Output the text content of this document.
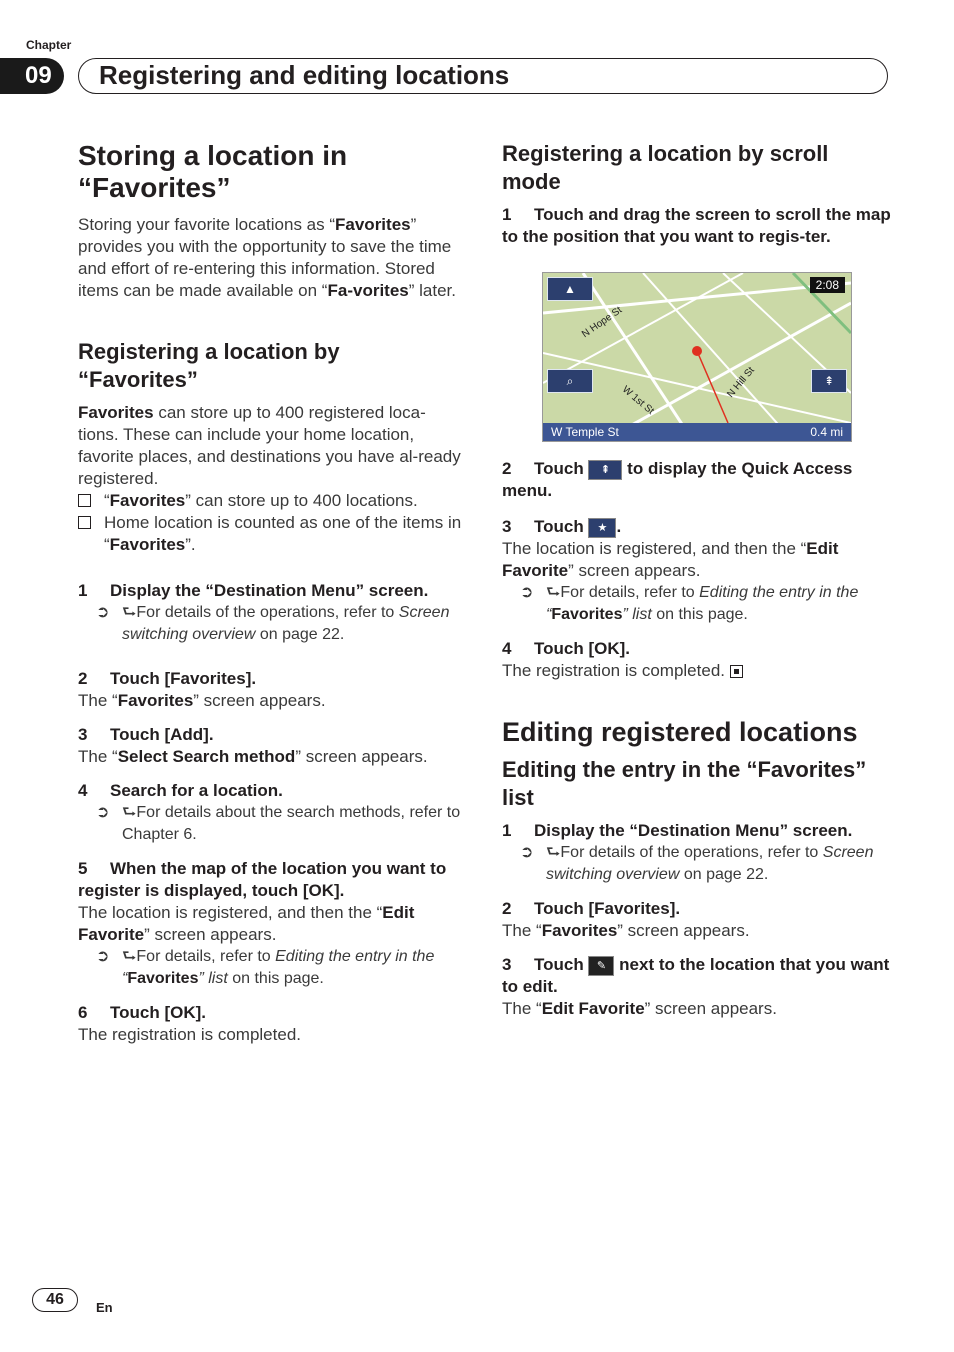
Chapter
09	Registering and editing locations
Storing a location in “Favorites”

Storing your favorite locations as “Favorites” provides you with the opportunity to save the time and effort of re-entering this information. Stored items can be made available on “Fa-vorites” later.

Registering a location by “Favorites”

Favorites can store up to 400 registered loca-tions. These can include your home location, favorite places, and destinations you have al-ready registered.

“Favorites” can store up to 400 locations.

Home location is counted as one of the items in “Favorites”.

1 Display the “Destination Menu” screen.

⮑ ➲ For details of the operations, refer to Screen switching overview on page 22.

2 Touch [Favorites].

The “Favorites” screen appears.

3 Touch [Add].

The “Select Search method” screen appears.

4 Search for a location.

⮑ ➲ For details about the search methods, refer to Chapter 6.

5 When the map of the location you want to register is displayed, touch [OK].

The location is registered, and then the “Edit Favorite” screen appears.

⮑ ➲ For details, refer to Editing the entry in the “Favorites” list on this page.

6 Touch [OK].

The registration is completed.

Registering a location by scroll mode
1 Touch and drag the screen to scroll the map to the position that you want to regis-ter.
▲
⌕	⇞
2:08
N Hope St
W 1st St
N Hill St
W Temple St	0.4 mi
2 Touch ⇞ to display the Quick Access menu.
3 Touch ★ .

The location is registered, and then the “Edit Favorite” screen appears.

⮑ ➲ For details, refer to Editing the entry in the “Favorites” list on this page.

4 Touch [OK].

The registration is completed.

Editing registered locations
Editing the entry in the “Favorites” list
1 Display the “Destination Menu” screen.

⮑ ➲ For details of the operations, refer to Screen switching overview on page 22.

2 Touch [Favorites].

The “Favorites” screen appears.

3 Touch ✎ next to the location that you want to edit.

The “Edit Favorite” screen appears.

46	En
